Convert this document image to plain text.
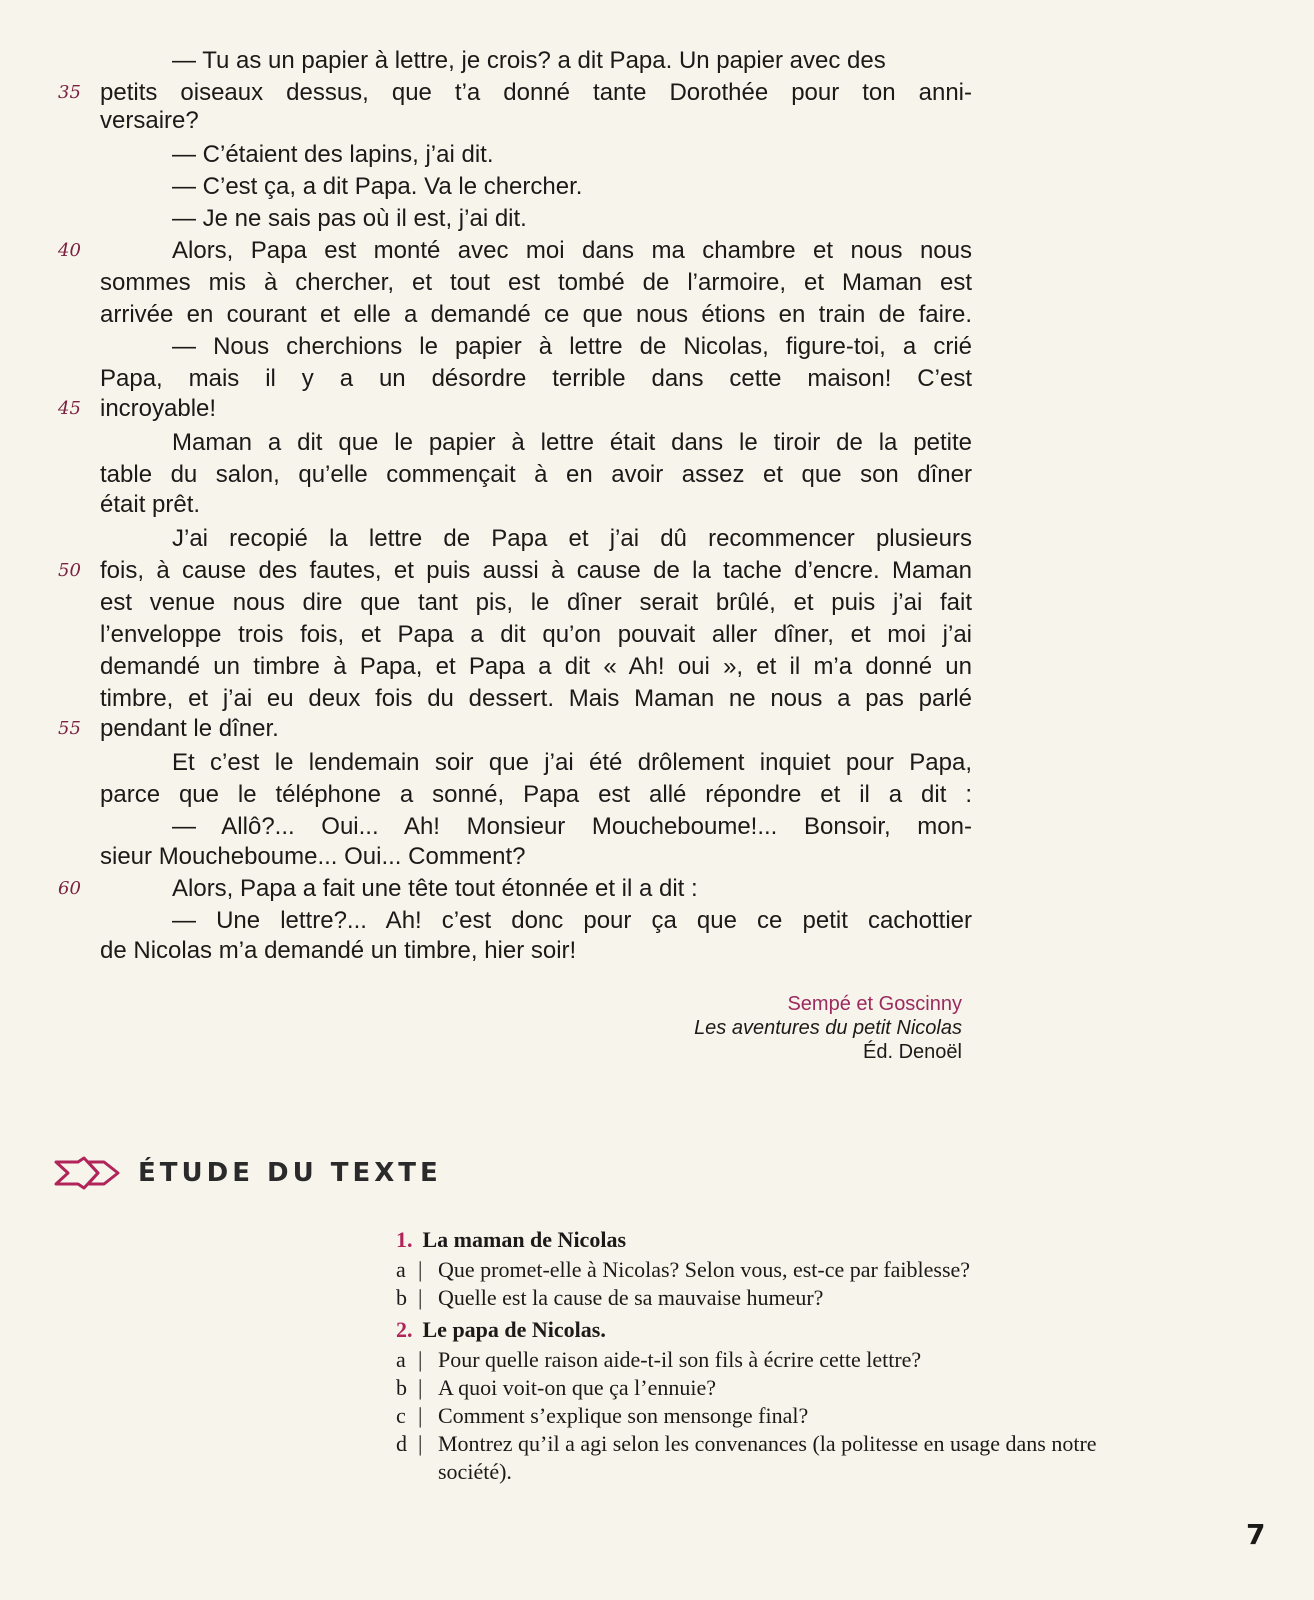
— Tu as un papier à lettre, je crois? a dit Papa. Un papier avec des
petits oiseaux dessus, que t’a donné tante Dorothée pour ton anni-
versaire?
— C’étaient des lapins, j’ai dit.
— C’est ça, a dit Papa. Va le chercher.
— Je ne sais pas où il est, j’ai dit.
Alors, Papa est monté avec moi dans ma chambre et nous nous
sommes mis à chercher, et tout est tombé de l’armoire, et Maman est
arrivée en courant et elle a demandé ce que nous étions en train de faire.
— Nous cherchions le papier à lettre de Nicolas, figure-toi, a crié
Papa, mais il y a un désordre terrible dans cette maison! C’est
incroyable!
Maman a dit que le papier à lettre était dans le tiroir de la petite
table du salon, qu’elle commençait à en avoir assez et que son dîner
était prêt.
J’ai recopié la lettre de Papa et j’ai dû recommencer plusieurs
fois, à cause des fautes, et puis aussi à cause de la tache d’encre. Maman
est venue nous dire que tant pis, le dîner serait brûlé, et puis j’ai fait
l’enveloppe trois fois, et Papa a dit qu’on pouvait aller dîner, et moi j’ai
demandé un timbre à Papa, et Papa a dit « Ah! oui », et il m’a donné un
timbre, et j’ai eu deux fois du dessert. Mais Maman ne nous a pas parlé
pendant le dîner.
Et c’est le lendemain soir que j’ai été drôlement inquiet pour Papa,
parce que le téléphone a sonné, Papa est allé répondre et il a dit :
— Allô?... Oui... Ah! Monsieur Moucheboume!... Bonsoir, mon-
sieur Moucheboume... Oui... Comment?
Alors, Papa a fait une tête tout étonnée et il a dit :
— Une lettre?... Ah! c’est donc pour ça que ce petit cachottier
de Nicolas m’a demandé un timbre, hier soir!
35
40
45
50
55
60
Sempé et Goscinny
Les aventures du petit Nicolas
Éd. Denoël
ÉTUDE DU TEXTE
1. La maman de Nicolas
a | Que promet-elle à Nicolas? Selon vous, est-ce par faiblesse?
b | Quelle est la cause de sa mauvaise humeur?
2. Le papa de Nicolas.
a | Pour quelle raison aide-t-il son fils à écrire cette lettre?
b | A quoi voit-on que ça l’ennuie?
c | Comment s’explique son mensonge final?
d | Montrez qu’il a agi selon les convenances (la politesse en usage dans notre
société).
7
